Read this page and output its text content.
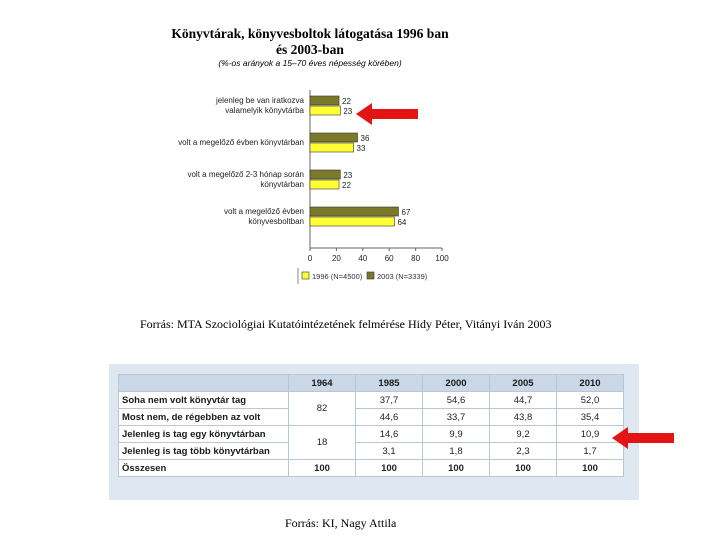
Könyvtárak, könyvesboltok látogatása 1996 ban
és 2003-ban
(%-os arányok a 15–70 éves népesség körében)
0 20 40 60 80 100
jelenleg be van iratkozva
valamelyik könyvtárba
22
23
volt a megelőző évben könyvtárban	36
33
volt a megelőző 2-3 hónap során
könyvtárban
23
22
volt a megelőző évben
könyvesboltban
67
64
1996 (N=4500) 2003 (N=3339)
Forrás: MTA Szociológiai Kutatóintézetének felmérése Hidy Péter, Vitányi Iván 2003
	1964	1985	2000	2005	2010
Soha nem volt könyvtár tag	82	37,7	54,6	44,7	52,0
Most nem, de régebben az volt		44,6	33,7	43,8	35,4
Jelenleg is tag egy könyvtárban	18	14,6	9,9	9,2	10,9
Jelenleg is tag több könyvtárban		3,1	1,8	2,3	1,7
Összesen	100	100	100	100	100
Forrás: KI, Nagy Attila
